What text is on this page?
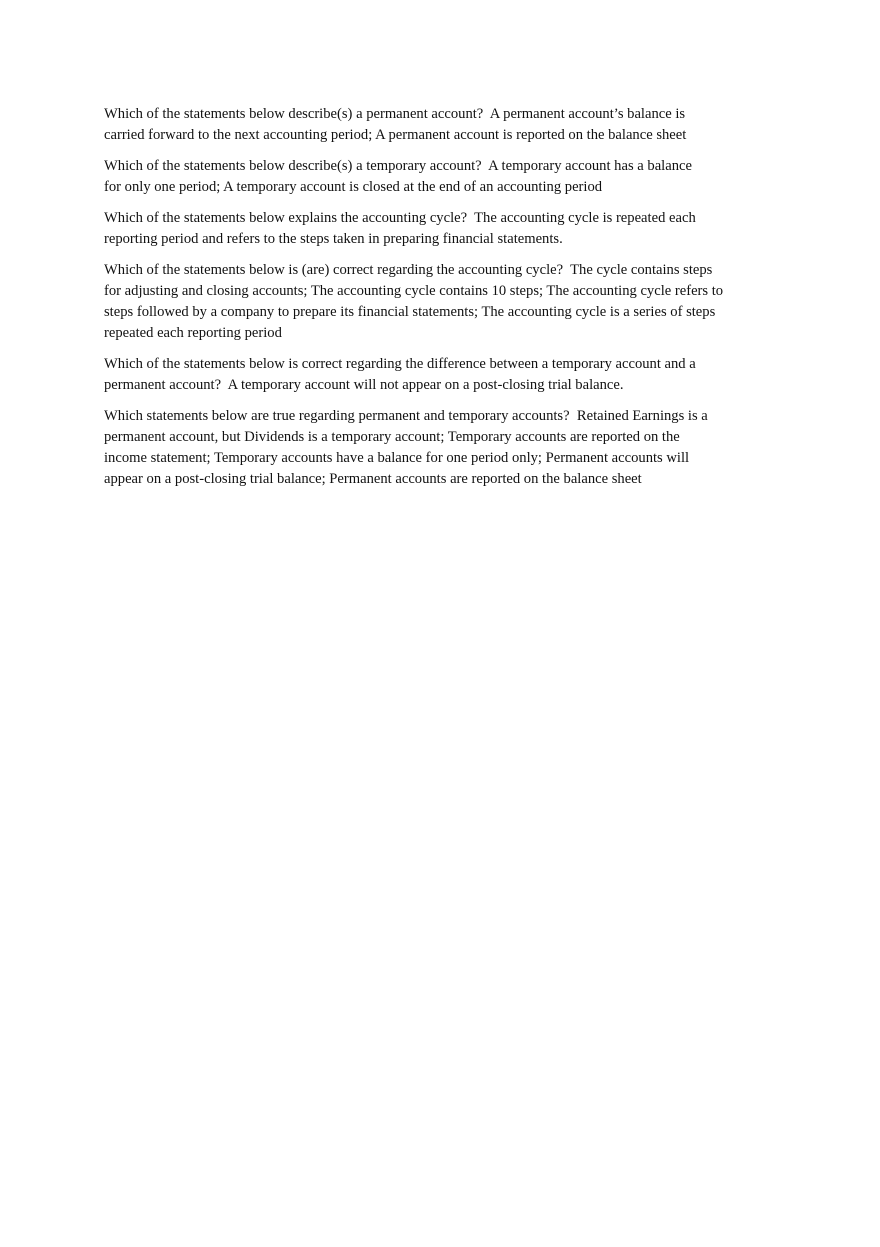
Which of the statements below describe(s) a permanent account?  A permanent account’s balance is
carried forward to the next accounting period; A permanent account is reported on the balance sheet

Which of the statements below describe(s) a temporary account?  A temporary account has a balance
for only one period; A temporary account is closed at the end of an accounting period

Which of the statements below explains the accounting cycle?  The accounting cycle is repeated each
reporting period and refers to the steps taken in preparing financial statements.

Which of the statements below is (are) correct regarding the accounting cycle?  The cycle contains steps
for adjusting and closing accounts; The accounting cycle contains 10 steps; The accounting cycle refers to
steps followed by a company to prepare its financial statements; The accounting cycle is a series of steps
repeated each reporting period

Which of the statements below is correct regarding the difference between a temporary account and a
permanent account?  A temporary account will not appear on a post-closing trial balance.

Which statements below are true regarding permanent and temporary accounts?  Retained Earnings is a
permanent account, but Dividends is a temporary account; Temporary accounts are reported on the
income statement; Temporary accounts have a balance for one period only; Permanent accounts will
appear on a post-closing trial balance; Permanent accounts are reported on the balance sheet
